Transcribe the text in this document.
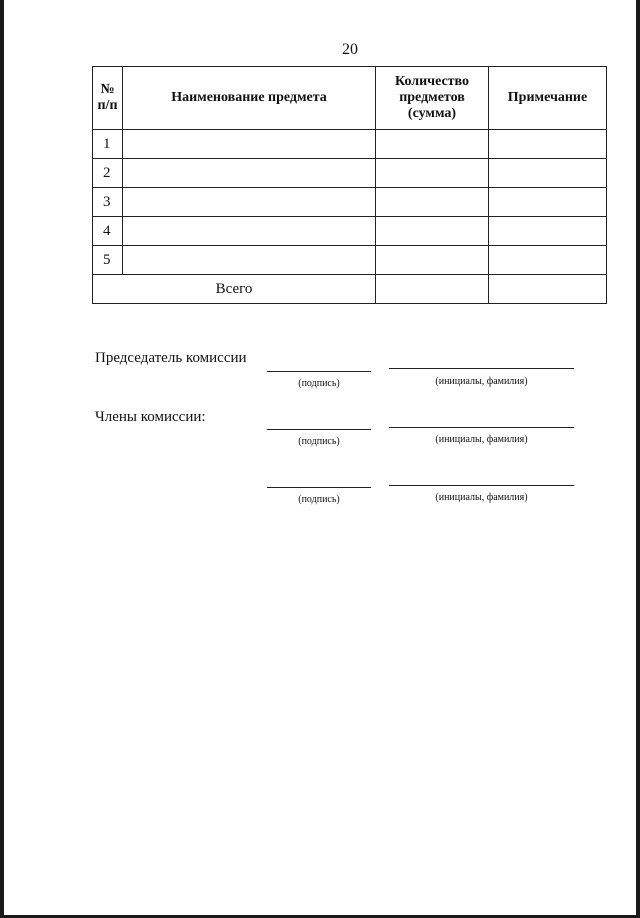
20
№ п/п	Наименование предмета	Количество предметов (сумма)	Примечание
1			
2			
3			
4			
5			
Всего			
Председатель комиссии
(подпись)	(инициалы, фамилия)
Члены комиссии:
(подпись)	(инициалы, фамилия)
(подпись)	(инициалы, фамилия)
